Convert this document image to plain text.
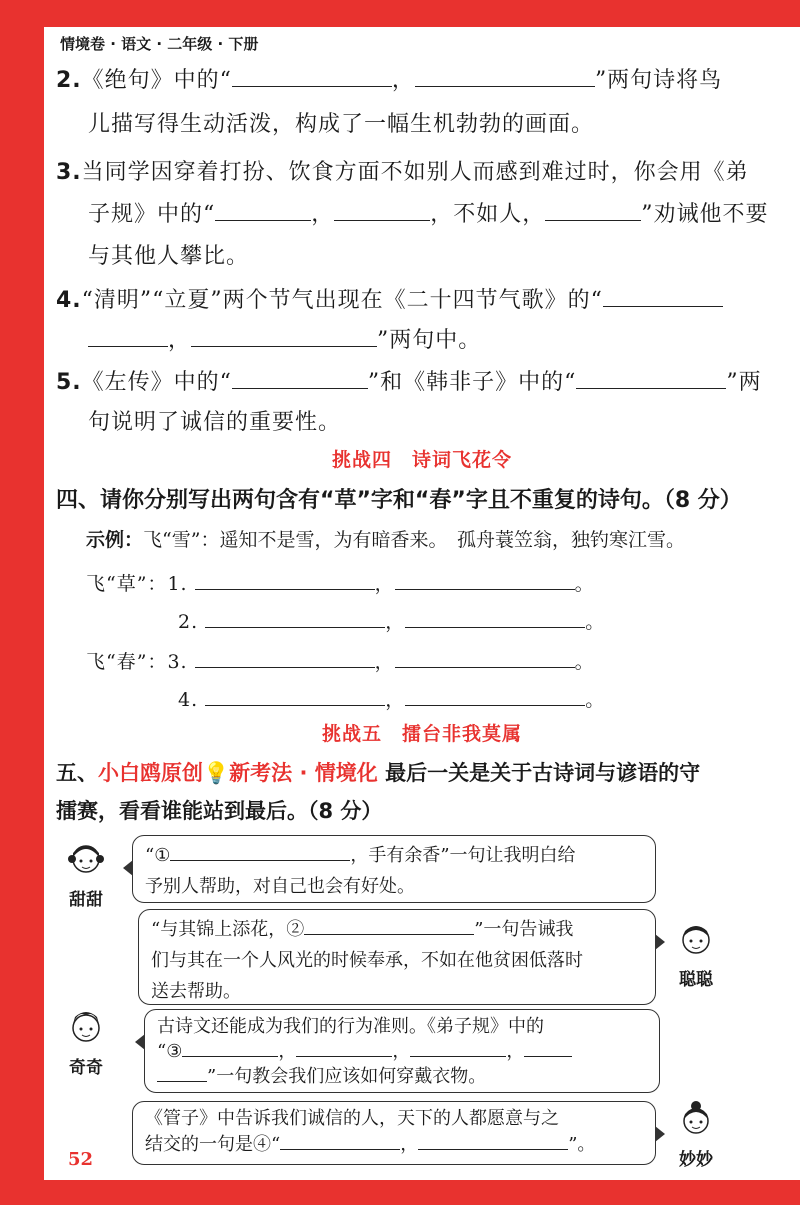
情境卷 · 语文 · 二年级 · 下册
2.《绝句》中的“	，	”两句诗将鸟
儿描写得生动活泼，构成了一幅生机勃勃的画面。
3.当同学因穿着打扮、饮食方面不如别人而感到难过时，你会用《弟
子规》中的“	，	，不如人，	”劝诫他不要
与其他人攀比。
4.“清明”“立夏”两个节气出现在《二十四节气歌》的“
，	”两句中。
5.《左传》中的“	”和《韩非子》中的“	”两
句说明了诚信的重要性。
挑战四　诗词飞花令
四、请你分别写出两句含有“草”字和“春”字且不重复的诗句。（8 分）
示例：飞“雪”：遥知不是雪，为有暗香来。　孤舟蓑笠翁，独钓寒江雪。
飞“草”：1.	，	。
2.	，	。
飞“春”：3.	，	。
4.	，	。
挑战五　擂台非我莫属
五、小白鸥原创💡新考法 · 情境化 最后一关是关于古诗词与谚语的守
擂赛，看看谁能站到最后。（8 分）
甜甜
“①	，手有余香”一句让我明白给
予别人帮助，对自己也会有好处。
“与其锦上添花，②	”一句告诫我
们与其在一个人风光的时候奉承，不如在他贫困低落时
送去帮助。
聪聪
奇奇
古诗文还能成为我们的行为准则。《弟子规》中的
“③	，	，	，
”一句教会我们应该如何穿戴衣物。
《管子》中告诉我们诚信的人，天下的人都愿意与之
结交的一句是④“	，	”。
妙妙
52
